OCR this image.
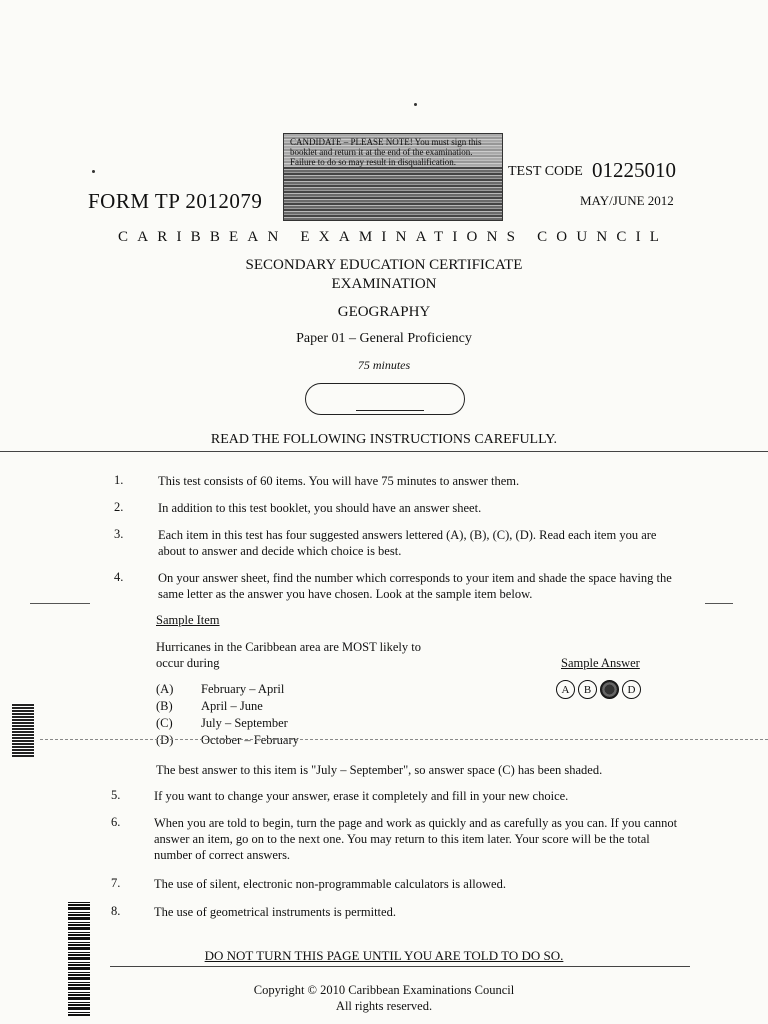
CANDIDATE – PLEASE NOTE! You must sign this booklet and return it at the end of the examination. Failure to do so may result in disqualification.
FORM TP 2012079
TEST CODE 01225010
MAY/JUNE 2012
CARIBBEAN EXAMINATIONS COUNCIL
SECONDARY EDUCATION CERTIFICATE
EXAMINATION
GEOGRAPHY
Paper 01 – General Proficiency
75 minutes
READ THE FOLLOWING INSTRUCTIONS CAREFULLY.
1.	This test consists of 60 items. You will have 75 minutes to answer them.
2.	In addition to this test booklet, you should have an answer sheet.
3.	Each item in this test has four suggested answers lettered (A), (B), (C), (D). Read each item you are about to answer and decide which choice is best.
4.	On your answer sheet, find the number which corresponds to your item and shade the space having the same letter as the answer you have chosen. Look at the sample item below.
Sample Item
Hurricanes in the Caribbean area are MOST likely to occur during	Sample Answer
A	B	D
(A) February – April
(B) April – June
(C) July – September
(D) October – February
The best answer to this item is "July – September", so answer space (C) has been shaded.
5.	If you want to change your answer, erase it completely and fill in your new choice.
6.	When you are told to begin, turn the page and work as quickly and as carefully as you can. If you cannot answer an item, go on to the next one. You may return to this item later. Your score will be the total number of correct answers.
7.	The use of silent, electronic non-programmable calculators is allowed.
8.	The use of geometrical instruments is permitted.
DO NOT TURN THIS PAGE UNTIL YOU ARE TOLD TO DO SO.
Copyright © 2010 Caribbean Examinations Council
All rights reserved.
